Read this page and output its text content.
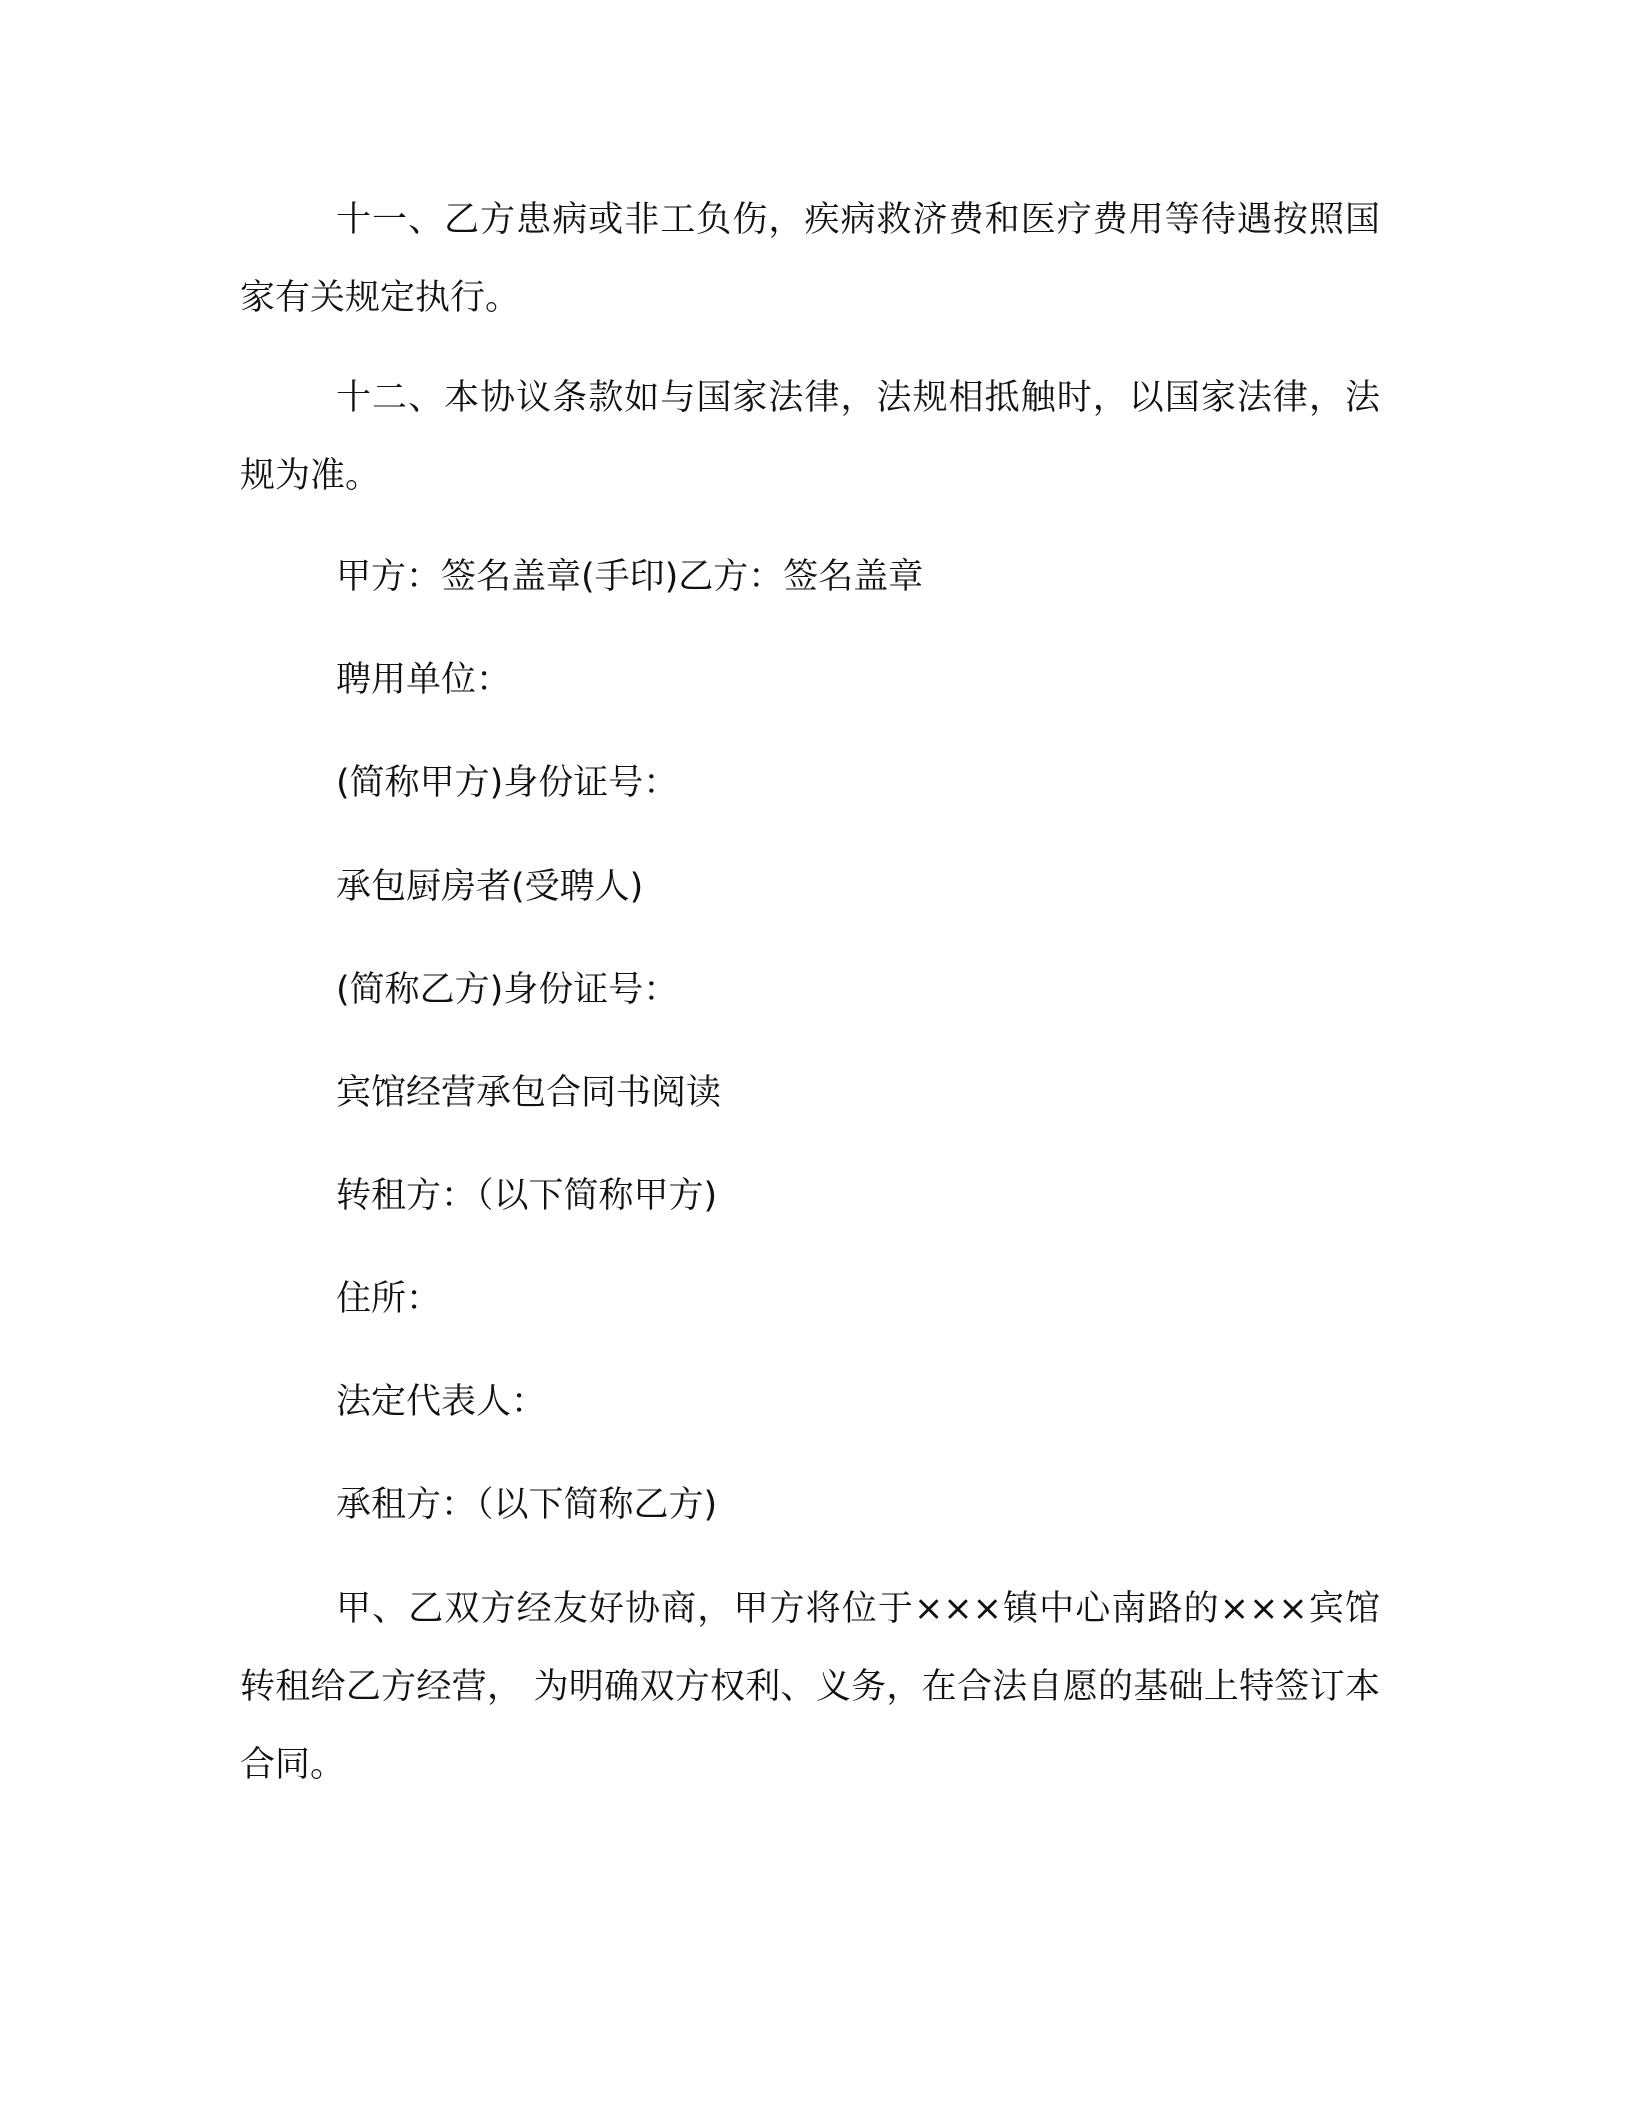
十一、乙方患病或非工负伤，疾病救济费和医疗费用等待遇按照国家有关规定执行。

十二、本协议条款如与国家法律，法规相抵触时，以国家法律，法规为准。

甲方：签名盖章(手印)乙方：签名盖章

聘用单位：

(简称甲方)身份证号：

承包厨房者(受聘人)

(简称乙方)身份证号：

宾馆经营承包合同书阅读

转租方：（以下简称甲方)

住所：

法定代表人：

承租方：（以下简称乙方)

甲、乙双方经友好协商，甲方将位于×××镇中心南路的×××宾馆转租给乙方经营， 为明确双方权利、义务，在合法自愿的基础上特签订本合同。
